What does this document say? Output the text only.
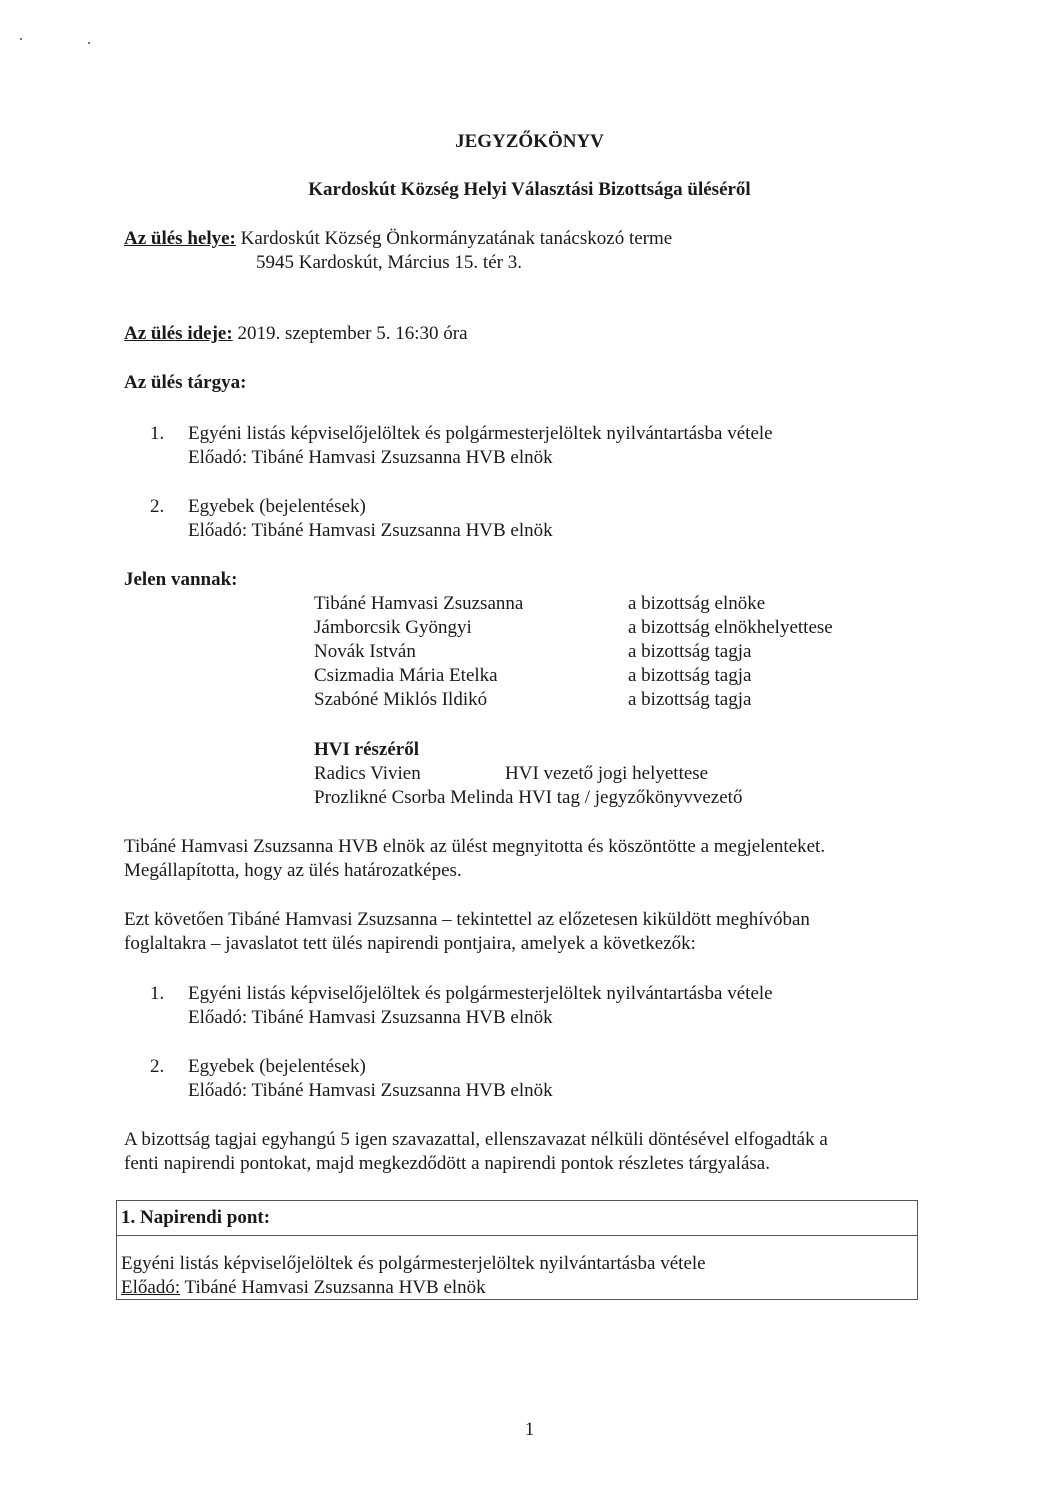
JEGYZŐKÖNYV
Kardoskút Község Helyi Választási Bizottsága üléséről
Az ülés helye: Kardoskút Község Önkormányzatának tanácskozó terme
5945 Kardoskút, Március 15. tér 3.
Az ülés ideje: 2019. szeptember 5. 16:30 óra
Az ülés tárgya:
1. Egyéni listás képviselőjelöltek és polgármesterjelöltek nyilvántartásba vétele
Előadó: Tibáné Hamvasi Zsuzsanna HVB elnök
2. Egyebek (bejelentések)
Előadó: Tibáné Hamvasi Zsuzsanna HVB elnök
Jelen vannak:
Tibáné Hamvasi Zsuzsanna	a bizottság elnöke
Jámborcsik Gyöngyi	a bizottság elnökhelyettese
Novák István	a bizottság tagja
Csizmadia Mária Etelka	a bizottság tagja
Szabóné Miklós Ildikó	a bizottság tagja
HVI részéről
Radics Vivien	HVI vezető jogi helyettese
Prozlikné Csorba Melinda HVI tag / jegyzőkönyvvezető
Tibáné Hamvasi Zsuzsanna HVB elnök az ülést megnyitotta és köszöntötte a megjelenteket.
Megállapította, hogy az ülés határozatképes.
Ezt követően Tibáné Hamvasi Zsuzsanna – tekintettel az előzetesen kiküldött meghívóban
foglaltakra – javaslatot tett ülés napirendi pontjaira, amelyek a következők:
1. Egyéni listás képviselőjelöltek és polgármesterjelöltek nyilvántartásba vétele
Előadó: Tibáné Hamvasi Zsuzsanna HVB elnök
2. Egyebek (bejelentések)
Előadó: Tibáné Hamvasi Zsuzsanna HVB elnök
A bizottság tagjai egyhangú 5 igen szavazattal, ellenszavazat nélküli döntésével elfogadták a
fenti napirendi pontokat, majd megkezdődött a napirendi pontok részletes tárgyalása.
1. Napirendi pont:
Egyéni listás képviselőjelöltek és polgármesterjelöltek nyilvántartásba vétele
Előadó: Tibáné Hamvasi Zsuzsanna HVB elnök
1
